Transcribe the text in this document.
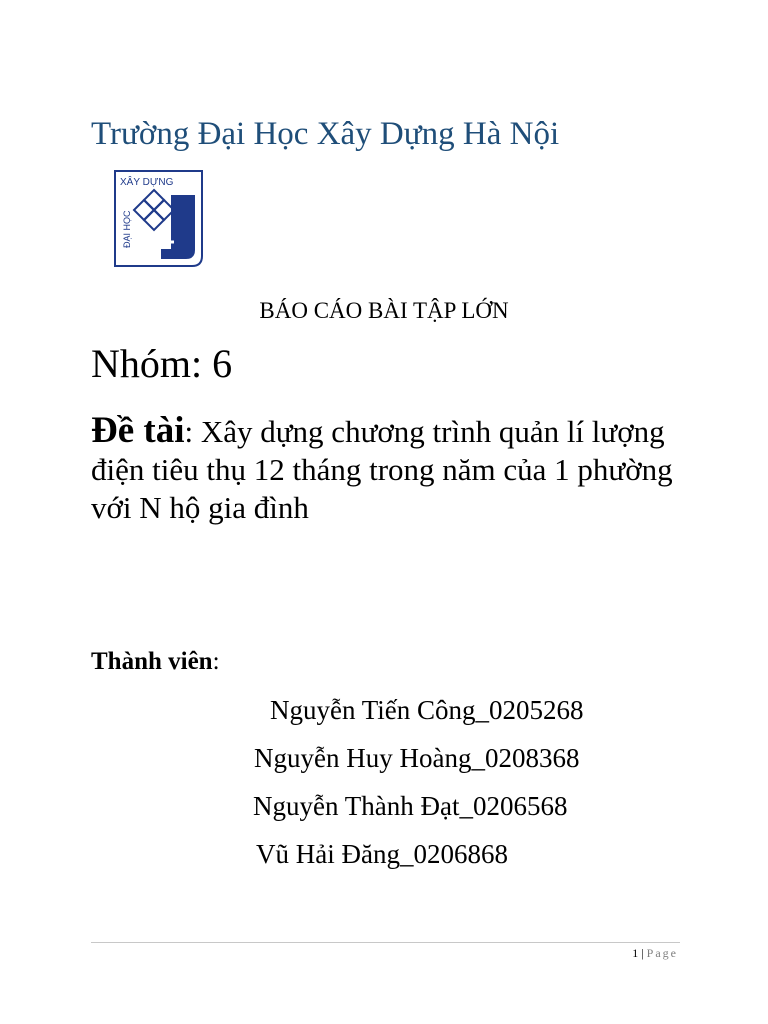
Trường Đại Học Xây Dựng Hà Nội
XÂY DỰNG
ĐẠI HỌC
BÁO CÁO BÀI TẬP LỚN
Nhóm: 6
Đề tài: Xây dựng chương trình quản lí lượng điện tiêu thụ 12 tháng trong năm của 1 phường với N hộ gia đình
Thành viên:
Nguyễn Tiến Công_0205268
Nguyễn Huy Hoàng_0208368
Nguyễn Thành Đạt_0206568
Vũ Hải Đăng_0206868
1 | Page
